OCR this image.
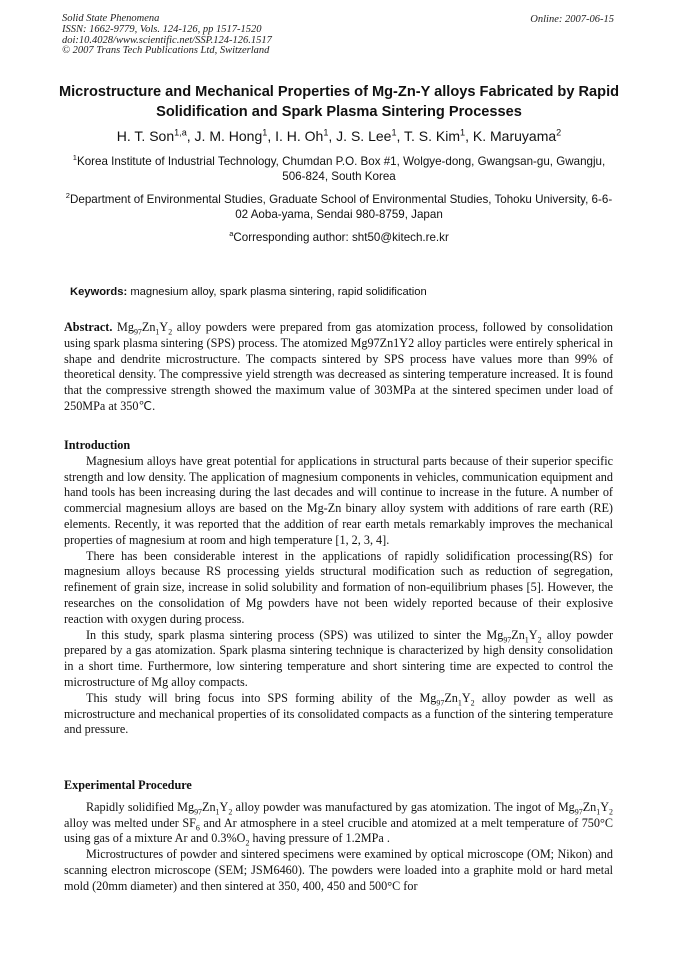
Solid State Phenomena
ISSN: 1662-9779, Vols. 124-126, pp 1517-1520
doi:10.4028/www.scientific.net/SSP.124-126.1517
© 2007 Trans Tech Publications Ltd, Switzerland
Online: 2007-06-15
Microstructure and Mechanical Properties of Mg-Zn-Y alloys Fabricated by Rapid Solidification and Spark Plasma Sintering Processes
H. T. Son$^{1,a}$, J. M. Hong$^1$, I. H. Oh$^1$, J. S. Lee$^1$, T. S. Kim$^1$, K. Maruyama$^2$
$^1$Korea Institute of Industrial Technology, Chumdan P.O. Box #1, Wolgye-dong, Gwangsan-gu, Gwangju, 506-824, South Korea
$^2$Department of Environmental Studies, Graduate School of Environmental Studies, Tohoku University, 6-6-02 Aoba-yama, Sendai 980-8759, Japan
$^a$Corresponding author: sht50@kitech.re.kr
Keywords: magnesium alloy, spark plasma sintering, rapid solidification

Abstract. $Mg_{97}Zn_1Y_2$ alloy powders were prepared from gas atomization process, followed by consolidation using spark plasma sintering (SPS) process. The atomized Mg97Zn1Y2 alloy particles were entirely spherical in shape and dendrite microstructure. The compacts sintered by SPS process have values more than 99% of theoretical density. The compressive yield strength was decreased as sintering temperature increased. It is found that the compressive strength showed the maximum value of 303MPa at the sintered specimen under load of 250MPa at 350℃.

Introduction

Magnesium alloys have great potential for applications in structural parts because of their superior specific strength and low density. The application of magnesium components in vehicles, communication equipment and hand tools has been increasing during the last decades and will continue to increase in the future. A number of commercial magnesium alloys are based on the Mg-Zn binary alloy system with additions of rare earth (RE) elements. Recently, it was reported that the addition of rear earth metals remarkably improves the mechanical properties of magnesium at room and high temperature [1, 2, 3, 4].

There has been considerable interest in the applications of rapidly solidification processing(RS) for magnesium alloys because RS processing yields structural modification such as reduction of segregation, refinement of grain size, increase in solid solubility and formation of non-equilibrium phases [5]. However, the researches on the consolidation of Mg powders have not been widely reported because of their explosive reaction with oxygen during process.

In this study, spark plasma sintering process (SPS) was utilized to sinter the $Mg_{97}Zn_1Y_2$ alloy powder prepared by a gas atomization. Spark plasma sintering technique is characterized by high density consolidation in a short time. Furthermore, low sintering temperature and short sintering time are expected to control the microstructure of Mg alloy compacts.

This study will bring focus into SPS forming ability of the $Mg_{97}Zn_1Y_2$ alloy powder as well as microstructure and mechanical properties of its consolidated compacts as a function of the sintering temperature and pressure.

Experimental Procedure

Rapidly solidified $Mg_{97}Zn_1Y_2$ alloy powder was manufactured by gas atomization. The ingot of $Mg_{97}Zn_1Y_2$ alloy was melted under $SF_6$ and Ar atmosphere in a steel crucible and atomized at a melt temperature of 750°C using gas of a mixture Ar and $0.3\%O_2$ having pressure of 1.2MPa .

Microstructures of powder and sintered specimens were examined by optical microscope (OM; Nikon) and scanning electron microscope (SEM; JSM6460). The powders were loaded into a graphite mold or hard metal mold (20mm diameter) and then sintered at 350, 400, 450 and 500°C for
